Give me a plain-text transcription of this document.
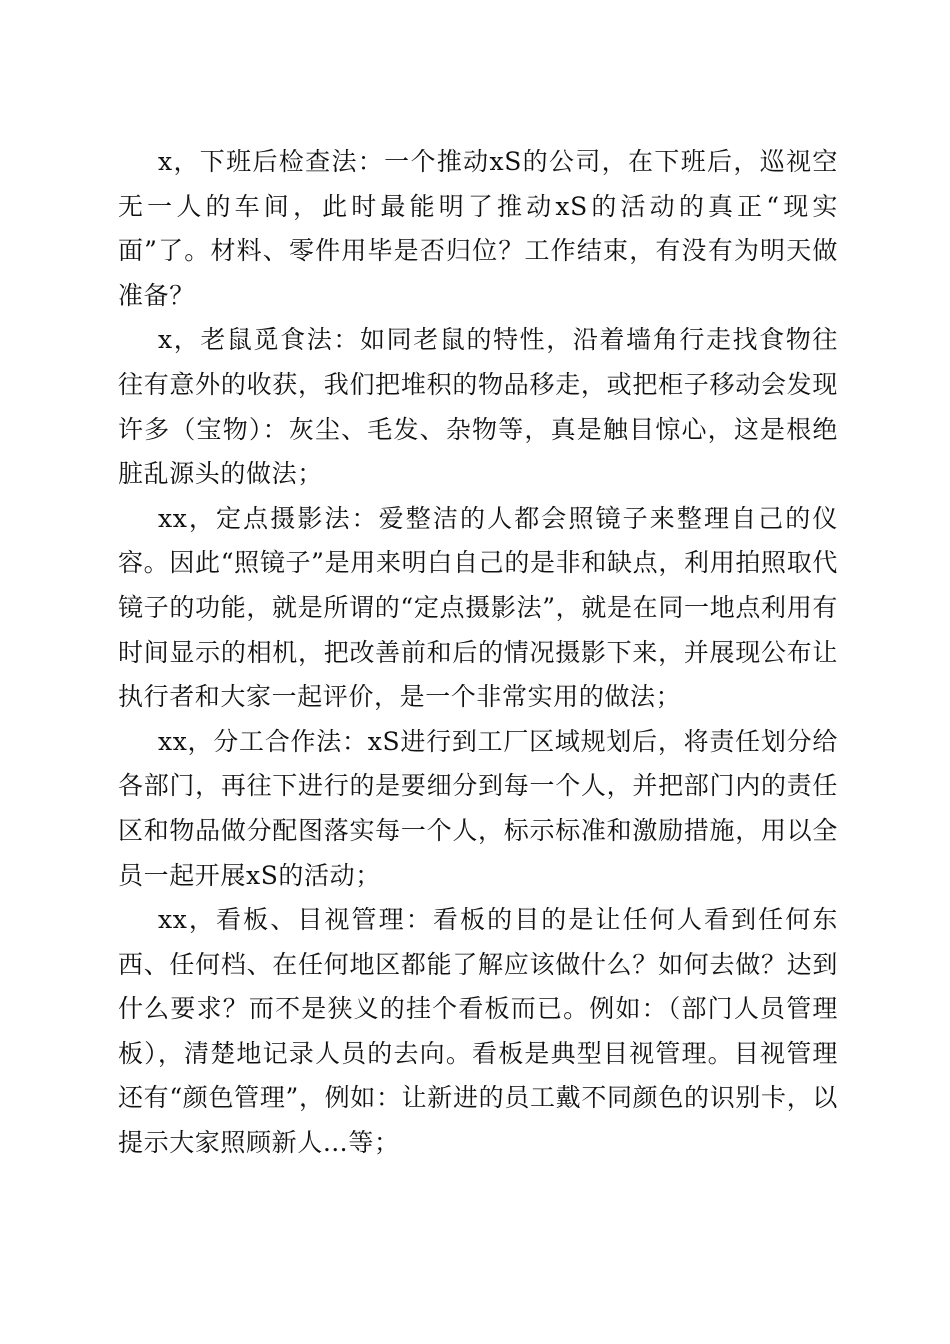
x，下班后检查法：一个推动xS的公司，在下班后，巡视空无一人的车间，此时最能明了推动xS的活动的真正“现实面”了。材料、零件用毕是否归位？工作结束，有没有为明天做准备？

x，老鼠觅食法：如同老鼠的特性，沿着墙角行走找食物往往有意外的收获，我们把堆积的物品移走，或把柜子移动会发现许多（宝物）：灰尘、毛发、杂物等，真是触目惊心，这是根绝脏乱源头的做法；

xx，定点摄影法：爱整洁的人都会照镜子来整理自己的仪容。因此“照镜子”是用来明白自己的是非和缺点，利用拍照取代镜子的功能，就是所谓的“定点摄影法”，就是在同一地点利用有时间显示的相机，把改善前和后的情况摄影下来，并展现公布让执行者和大家一起评价，是一个非常实用的做法；

xx，分工合作法：xS进行到工厂区域规划后，将责任划分给各部门，再往下进行的是要细分到每一个人，并把部门内的责任区和物品做分配图落实每一个人，标示标准和激励措施，用以全员一起开展xS的活动；

xx，看板、目视管理：看板的目的是让任何人看到任何东西、任何档、在任何地区都能了解应该做什么？如何去做？达到什么要求？而不是狭义的挂个看板而已。例如：（部门人员管理板），清楚地记录人员的去向。看板是典型目视管理。目视管理还有“颜色管理”，例如：让新进的员工戴不同颜色的识别卡，以提示大家照顾新人…等；
